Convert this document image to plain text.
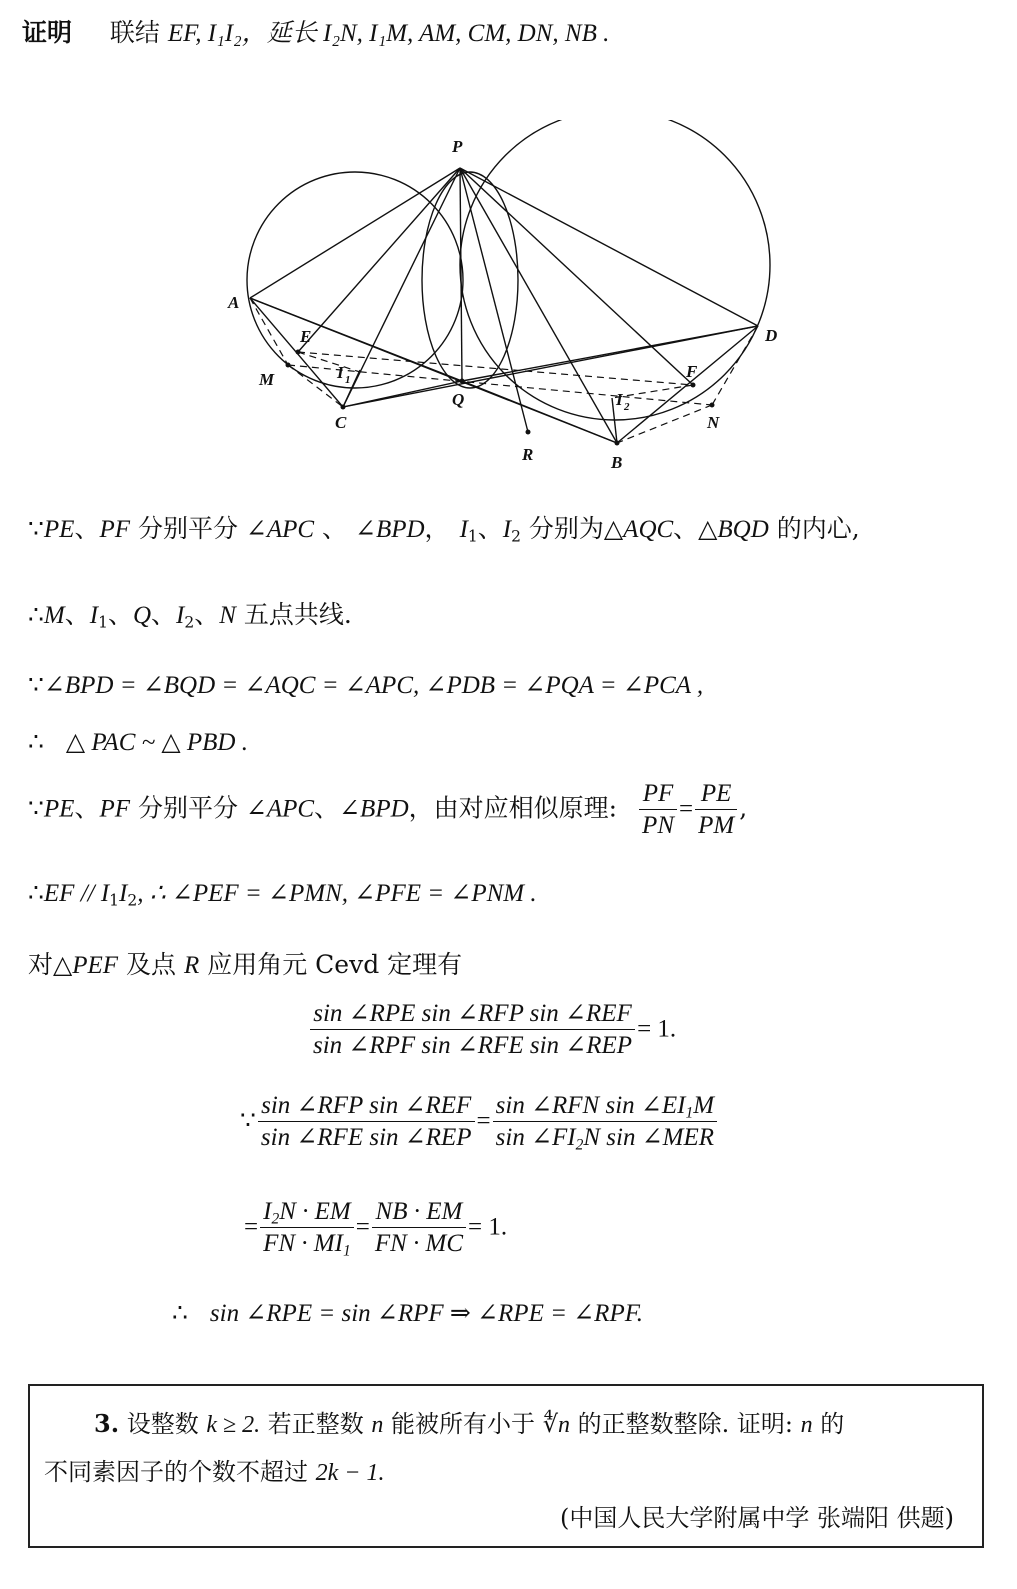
证明 联结 EF, I₁I₂，延长 I₂N, I₁M, AM, CM, DN, NB .
P
A
D
E
F
M	I 1
Q
C
I 2
N
R	B
∵PE、PF 分别平分 ∠APC 、 ∠BPD， $I_1$、$I_2$ 分别为△AQC、△BQD 的内心,
∴M、$I_1$、Q、$I_2$、N 五点共线.
∵∠BPD = ∠BQD = ∠AQC = ∠APC, ∠PDB = ∠PQA = ∠PCA ,
∴ △ PAC ~ △ PBD .
∵PE、PF 分别平分 ∠APC、∠BPD，由对应相似原理: $\frac{PF}{PN} = \frac{PE}{PM}$ ,
∴EF // $I_1I_2$, ∴ ∠PEF = ∠PMN, ∠PFE = ∠PNM .
对△PEF 及点 R 应用角元 Cevd 定理有
$\frac{\text{sin ∠RPE sin ∠RFP sin ∠REF}}{\text{sin ∠RPF sin ∠RFE sin ∠REP}} = 1$.
∵ $\frac{\text{sin ∠RFP sin ∠REF}}{\text{sin ∠RFE sin ∠REP}} = \frac{\sin \angle RFN \sin \angle EI_1M}{\sin \angle FI_2N \sin \angle MER}$
= $\frac{I_2N \cdot EM}{FN \cdot MI_1} = \frac{NB \cdot EM}{FN \cdot MC} = 1$.
∴ sin ∠RPE = sin ∠RPF ⇒ ∠RPE = ∠RPF.
3. 设整数 k ≥ 2. 若正整数 n 能被所有小于 ∜n 的正整数整除. 证明: n 的
不同素因子的个数不超过 2k − 1.
(中国人民大学附属中学 张端阳 供题)
